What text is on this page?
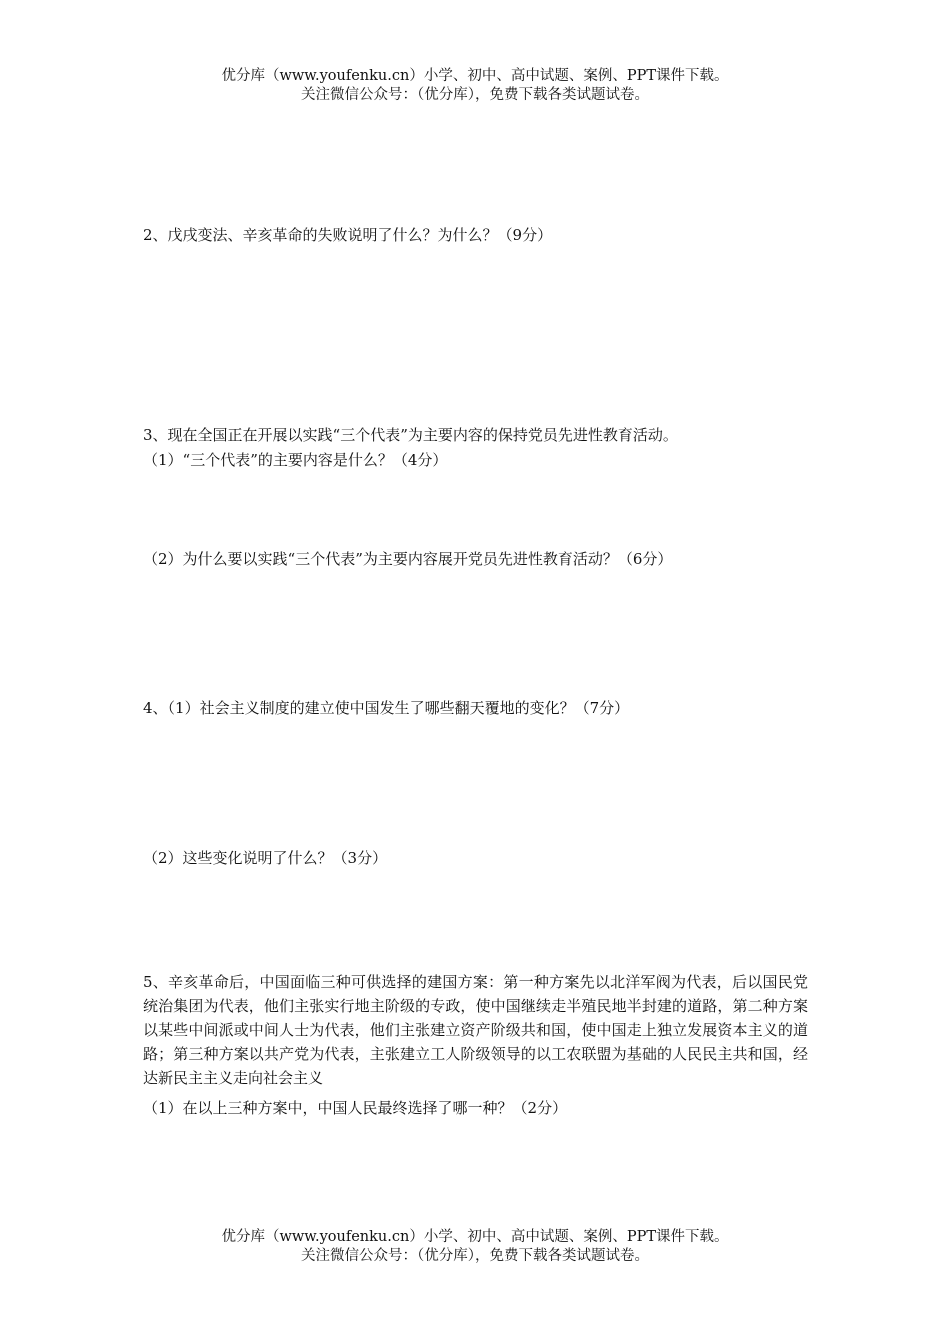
优分库（www.youfenku.cn）小学、初中、高中试题、案例、PPT课件下载。
关注微信公众号：（优分库），免费下载各类试题试卷。
2、戊戌变法、辛亥革命的失败说明了什么？为什么？（9分）
3、现在全国正在开展以实践“三个代表”为主要内容的保持党员先进性教育活动。
（1）“三个代表”的主要内容是什么？（4分）
（2）为什么要以实践“三个代表”为主要内容展开党员先进性教育活动？（6分）
4、（1）社会主义制度的建立使中国发生了哪些翻天覆地的变化？（7分）
（2）这些变化说明了什么？（3分）
5、辛亥革命后，中国面临三种可供选择的建国方案：第一种方案先以北洋军阀为代表，后以国民党统治集团为代表，他们主张实行地主阶级的专政，使中国继续走半殖民地半封建的道路，第二种方案以某些中间派或中间人士为代表，他们主张建立资产阶级共和国，使中国走上独立发展资本主义的道路；第三种方案以共产党为代表，主张建立工人阶级领导的以工农联盟为基础的人民民主共和国，经达新民主主义走向社会主义
（1）在以上三种方案中，中国人民最终选择了哪一种？（2分）
优分库（www.youfenku.cn）小学、初中、高中试题、案例、PPT课件下载。
关注微信公众号：（优分库），免费下载各类试题试卷。
